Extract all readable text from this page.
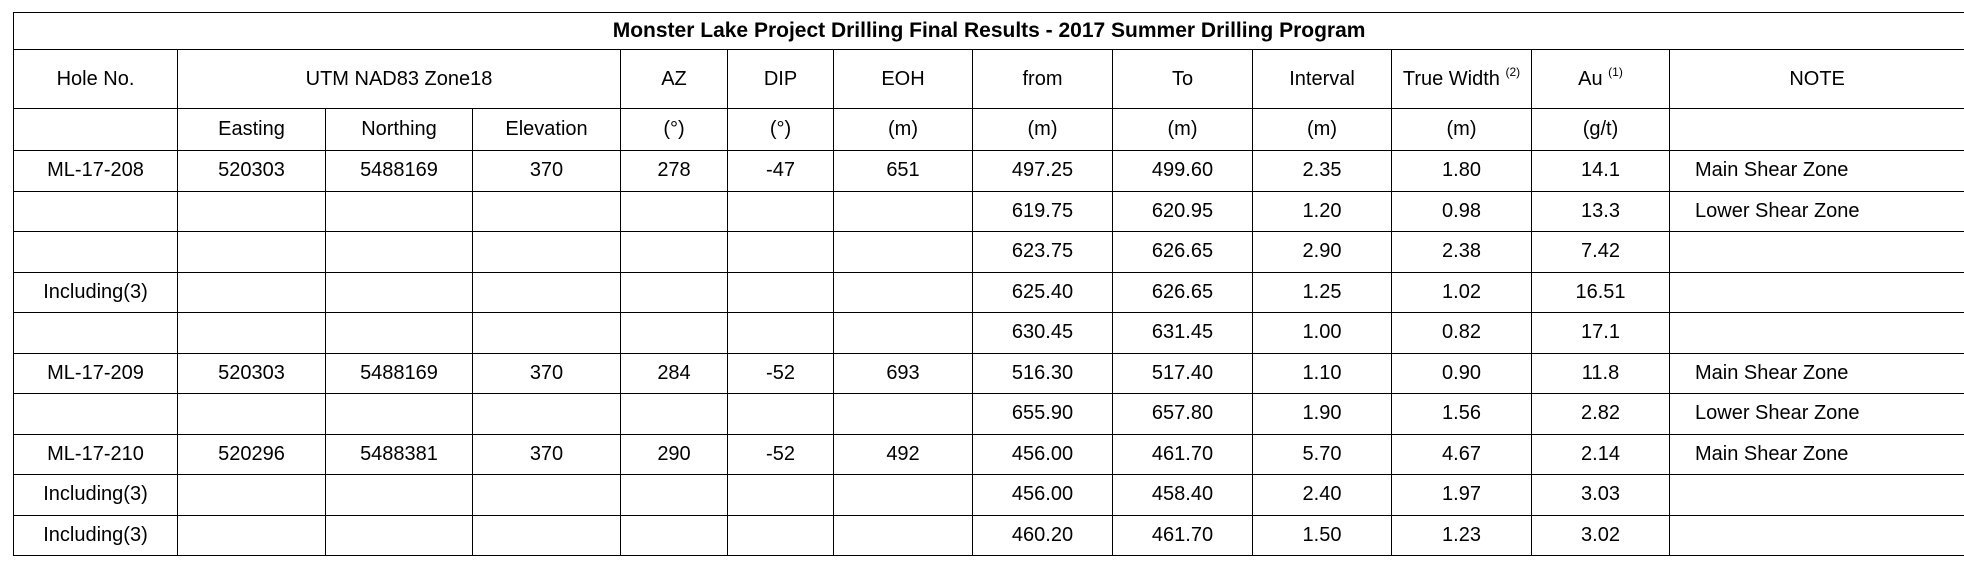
Monster Lake Project Drilling Final Results - 2017 Summer Drilling Program												
Hole No.	UTM NAD83 Zone18			AZ	DIP	EOH	from	To	Interval	True Width $^{(2)}$	Au $^{(1)}$	NOTE
	Easting	Northing	Elevation	(°)	(°)	(m)	(m)	(m)	(m)	(m)	(g/t)	
ML-17-208	520303	5488169	370	278	-47	651	497.25	499.60	2.35	1.80	14.1	Main Shear Zone
							619.75	620.95	1.20	0.98	13.3	Lower Shear Zone
							623.75	626.65	2.90	2.38	7.42	
Including(3)							625.40	626.65	1.25	1.02	16.51	
							630.45	631.45	1.00	0.82	17.1	
ML-17-209	520303	5488169	370	284	-52	693	516.30	517.40	1.10	0.90	11.8	Main Shear Zone
							655.90	657.80	1.90	1.56	2.82	Lower Shear Zone
ML-17-210	520296	5488381	370	290	-52	492	456.00	461.70	5.70	4.67	2.14	Main Shear Zone
Including(3)							456.00	458.40	2.40	1.97	3.03	
Including(3)							460.20	461.70	1.50	1.23	3.02	
